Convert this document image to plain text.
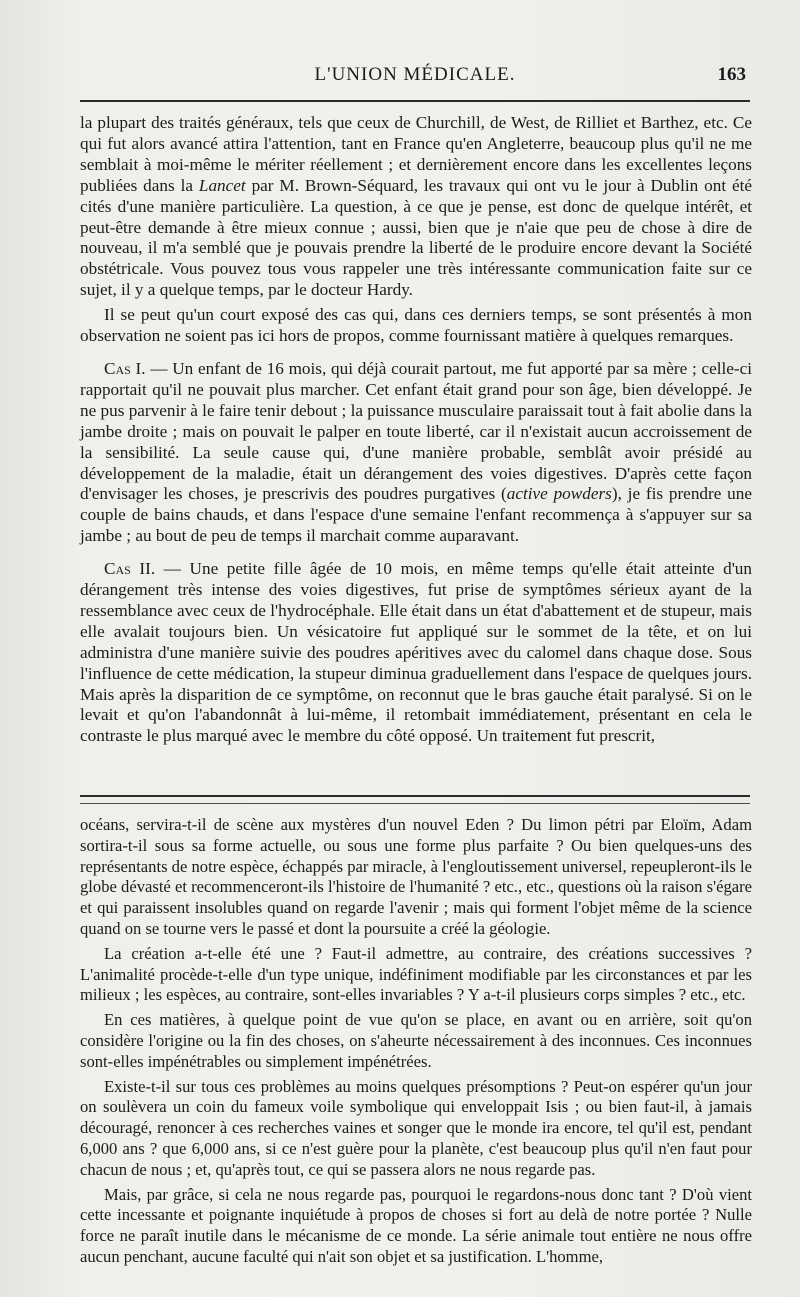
L'UNION MÉDICALE.	163

la plupart des traités généraux, tels que ceux de Churchill, de West, de Rilliet et Barthez, etc. Ce qui fut alors avancé attira l'attention, tant en France qu'en Angleterre, beaucoup plus qu'il ne me semblait à moi-même le mériter réellement ; et dernièrement encore dans les excellentes leçons publiées dans la Lancet par M. Brown-Séquard, les travaux qui ont vu le jour à Dublin ont été cités d'une manière particulière. La question, à ce que je pense, est donc de quelque intérêt, et peut-être demande à être mieux connue ; aussi, bien que je n'aie que peu de chose à dire de nouveau, il m'a semblé que je pouvais prendre la liberté de le produire encore devant la Société obstétricale. Vous pouvez tous vous rappeler une très intéressante communication faite sur ce sujet, il y a quelque temps, par le docteur Hardy.

Il se peut qu'un court exposé des cas qui, dans ces derniers temps, se sont présentés à mon observation ne soient pas ici hors de propos, comme fournissant matière à quelques remarques.

Cas I. — Un enfant de 16 mois, qui déjà courait partout, me fut apporté par sa mère ; celle-ci rapportait qu'il ne pouvait plus marcher. Cet enfant était grand pour son âge, bien développé. Je ne pus parvenir à le faire tenir debout ; la puissance musculaire paraissait tout à fait abolie dans la jambe droite ; mais on pouvait le palper en toute liberté, car il n'existait aucun accroissement de la sensibilité. La seule cause qui, d'une manière probable, semblât avoir présidé au développement de la maladie, était un dérangement des voies digestives. D'après cette façon d'envisager les choses, je prescrivis des poudres purgatives (active powders), je fis prendre une couple de bains chauds, et dans l'espace d'une semaine l'enfant recommença à s'appuyer sur sa jambe ; au bout de peu de temps il marchait comme auparavant.

Cas II. — Une petite fille âgée de 10 mois, en même temps qu'elle était atteinte d'un dérangement très intense des voies digestives, fut prise de symptômes sérieux ayant de la ressemblance avec ceux de l'hydrocéphale. Elle était dans un état d'abattement et de stupeur, mais elle avalait toujours bien. Un vésicatoire fut appliqué sur le sommet de la tête, et on lui administra d'une manière suivie des poudres apéritives avec du calomel dans chaque dose. Sous l'influence de cette médication, la stupeur diminua graduellement dans l'espace de quelques jours. Mais après la disparition de ce symptôme, on reconnut que le bras gauche était paralysé. Si on le levait et qu'on l'abandonnât à lui-même, il retombait immédiatement, présentant en cela le contraste le plus marqué avec le membre du côté opposé. Un traitement fut prescrit,

océans, servira-t-il de scène aux mystères d'un nouvel Eden ? Du limon pétri par Eloïm, Adam sortira-t-il sous sa forme actuelle, ou sous une forme plus parfaite ? Ou bien quelques-uns des représentants de notre espèce, échappés par miracle, à l'engloutissement universel, repeupleront-ils le globe dévasté et recommenceront-ils l'histoire de l'humanité ? etc., etc., questions où la raison s'égare et qui paraissent insolubles quand on regarde l'avenir ; mais qui forment l'objet même de la science quand on se tourne vers le passé et dont la poursuite a créé la géologie.

La création a-t-elle été une ? Faut-il admettre, au contraire, des créations successives ? L'animalité procède-t-elle d'un type unique, indéfiniment modifiable par les circonstances et par les milieux ; les espèces, au contraire, sont-elles invariables ? Y a-t-il plusieurs corps simples ? etc., etc.

En ces matières, à quelque point de vue qu'on se place, en avant ou en arrière, soit qu'on considère l'origine ou la fin des choses, on s'aheurte nécessairement à des inconnues. Ces inconnues sont-elles impénétrables ou simplement impénétrées.

Existe-t-il sur tous ces problèmes au moins quelques présomptions ? Peut-on espérer qu'un jour on soulèvera un coin du fameux voile symbolique qui enveloppait Isis ; ou bien faut-il, à jamais découragé, renoncer à ces recherches vaines et songer que le monde ira encore, tel qu'il est, pendant 6,000 ans ? que 6,000 ans, si ce n'est guère pour la planète, c'est beaucoup plus qu'il n'en faut pour chacun de nous ; et, qu'après tout, ce qui se passera alors ne nous regarde pas.

Mais, par grâce, si cela ne nous regarde pas, pourquoi le regardons-nous donc tant ? D'où vient cette incessante et poignante inquiétude à propos de choses si fort au delà de notre portée ? Nulle force ne paraît inutile dans le mécanisme de ce monde. La série animale tout entière ne nous offre aucun penchant, aucune faculté qui n'ait son objet et sa justification. L'homme,
